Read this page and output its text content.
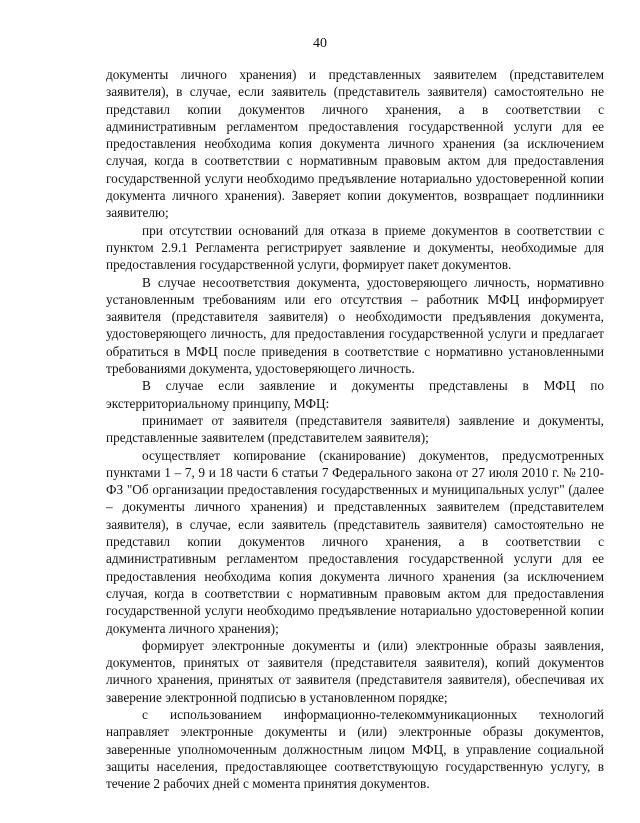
40

документы личного хранения) и представленных заявителем (представителем заявителя), в случае, если заявитель (представитель заявителя) самостоятельно не представил копии документов личного хранения, а в соответствии с административным регламентом предоставления государственной услуги для ее предоставления необходима копия документа личного хранения (за исключением случая, когда в соответствии с нормативным правовым актом для предоставления государственной услуги необходимо предъявление нотариально удостоверенной копии документа личного хранения). Заверяет копии документов, возвращает подлинники заявителю;

при отсутствии оснований для отказа в приеме документов в соответствии с пунктом 2.9.1 Регламента регистрирует заявление и документы, необходимые для предоставления государственной услуги, формирует пакет документов.

В случае несоответствия документа, удостоверяющего личность, нормативно установленным требованиям или его отсутствия – работник МФЦ информирует заявителя (представителя заявителя) о необходимости предъявления документа, удостоверяющего личность, для предоставления государственной услуги и предлагает обратиться в МФЦ после приведения в соответствие с нормативно установленными требованиями документа, удостоверяющего личность.

В случае если заявление и документы представлены в МФЦ по экстерриториальному принципу, МФЦ:

принимает от заявителя (представителя заявителя) заявление и документы, представленные заявителем (представителем заявителя);

осуществляет копирование (сканирование) документов, предусмотренных пунктами 1 – 7, 9 и 18 части 6 статьи 7 Федерального закона от 27 июля 2010 г. № 210-ФЗ "Об организации предоставления государственных и муниципальных услуг" (далее – документы личного хранения) и представленных заявителем (представителем заявителя), в случае, если заявитель (представитель заявителя) самостоятельно не представил копии документов личного хранения, а в соответствии с административным регламентом предоставления государственной услуги для ее предоставления необходима копия документа личного хранения (за исключением случая, когда в соответствии с нормативным правовым актом для предоставления государственной услуги необходимо предъявление нотариально удостоверенной копии документа личного хранения);

формирует электронные документы и (или) электронные образы заявления, документов, принятых от заявителя (представителя заявителя), копий документов личного хранения, принятых от заявителя (представителя заявителя), обеспечивая их заверение электронной подписью в установленном порядке;

с использованием информационно-телекоммуникационных технологий направляет электронные документы и (или) электронные образы документов, заверенные уполномоченным должностным лицом МФЦ, в управление социальной защиты населения, предоставляющее соответствующую государственную услугу, в течение 2 рабочих дней с момента принятия документов.
